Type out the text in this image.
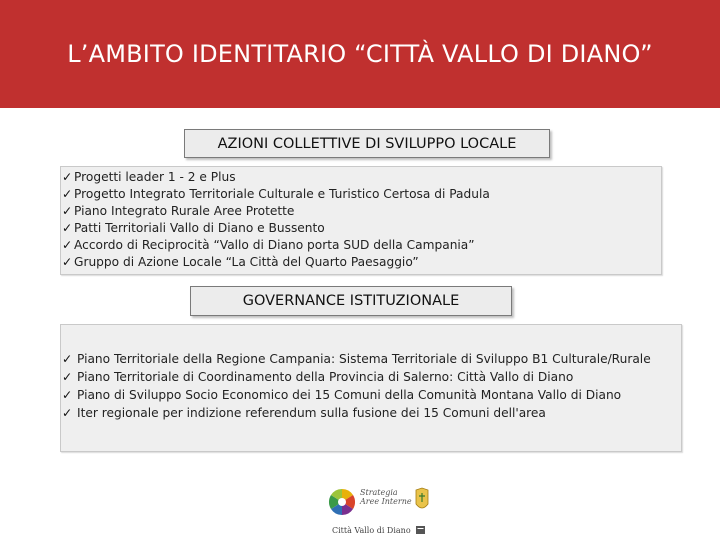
L’AMBITO IDENTITARIO “CITTÀ VALLO DI DIANO”
AZIONI COLLETTIVE DI SVILUPPO LOCALE
✓ Progetti leader 1 - 2 e Plus
✓ Progetto Integrato Territoriale Culturale e Turistico Certosa di Padula
✓ Piano Integrato Rurale Aree Protette
✓ Patti Territoriali Vallo di Diano e Bussento
✓ Accordo di Reciprocità “Vallo di Diano porta SUD della Campania”
✓ Gruppo di Azione Locale “La Città del Quarto Paesaggio”
GOVERNANCE ISTITUZIONALE
✓ Piano Territoriale della Regione Campania: Sistema Territoriale di Sviluppo B1 Culturale/Rurale
✓ Piano Territoriale di Coordinamento della Provincia di Salerno: Città Vallo di Diano
✓ Piano di Sviluppo Socio Economico dei 15 Comuni della Comunità Montana Vallo di Diano
✓ Iter regionale per indizione referendum sulla fusione dei 15 Comuni dell'area
Strategia
Aree Interne
Città Vallo di Diano
